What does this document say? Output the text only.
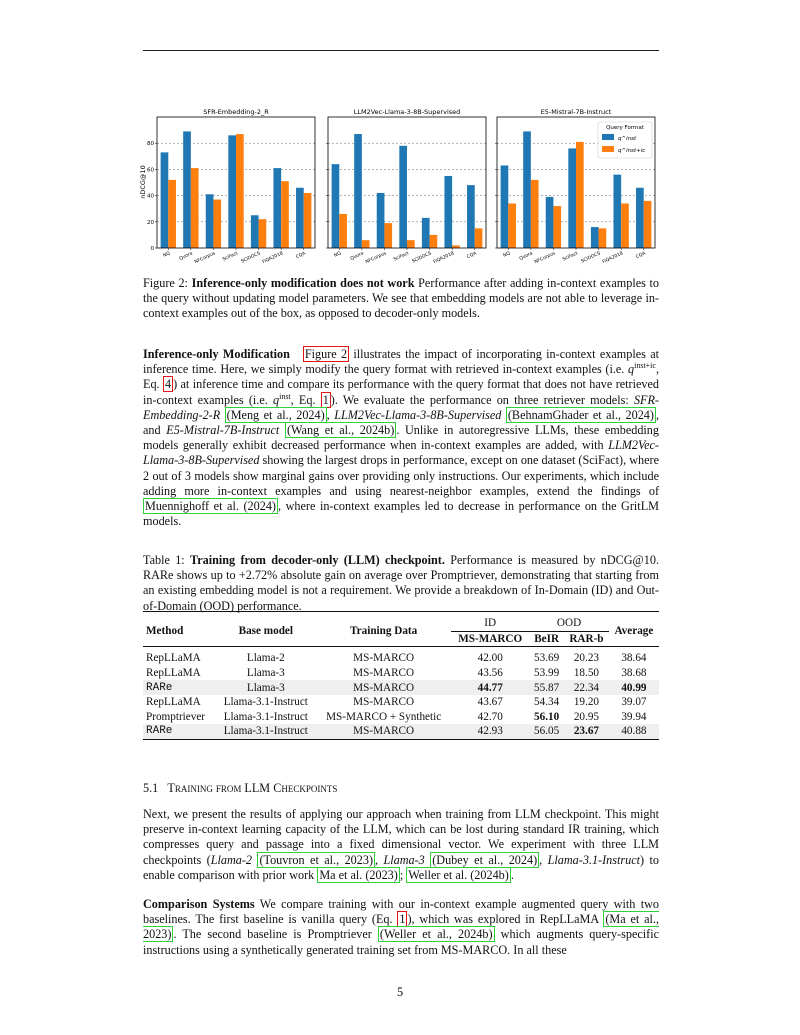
nDCG@10
SFR-Embedding-2_R
NQ Quora NFCorpus SciFact SCIDOCS FiQA2018 CQA
0
20
40
60
80
LLM2Vec-Llama-3-8B-Supervised
NQ Quora NFCorpus SciFact SCIDOCS FiQA2018 CQA
E5-Mistral-7B-Instruct
NQ Quora NFCorpus SciFact SCIDOCS FiQA2018 CQA
Query Format
q^inst
q^inst+ic
Figure 2: Inference-only modification does not work Performance after adding in-context examples to the query without updating model parameters. We see that embedding models are not able to leverage in-context examples out of the box, as opposed to decoder-only models.
Inference-only Modification Figure 2 illustrates the impact of incorporating in-context examples at inference time. Here, we simply modify the query format with retrieved in-context examples (i.e. $q^{inst+ic}$, Eq. 4 ) at inference time and compare its performance with the query format that does not have retrieved in-context examples (i.e. $q^{inst}$, Eq. 1 ). We evaluate the performance on three retriever models: SFR-Embedding-2-R (Meng et al., 2024) , LLM2Vec-Llama-3-8B-Supervised (BehnamGhader et al., 2024) , and E5-Mistral-7B-Instruct (Wang et al., 2024b) . Unlike in autoregressive LLMs, these embedding models generally exhibit decreased performance when in-context examples are added, with LLM2Vec-Llama-3-8B-Supervised showing the largest drops in performance, except on one dataset (SciFact), where 2 out of 3 models show marginal gains over providing only instructions. Our experiments, which include adding more in-context examples and using nearest-neighbor examples, extend the findings of Muennighoff et al. (2024) , where in-context examples led to decrease in performance on the GritLM models.
Table 1: Training from decoder-only (LLM) checkpoint. Performance is measured by nDCG@10. RARe shows up to +2.72% absolute gain on average over Promptriever, demonstrating that starting from an existing embedding model is not a requirement. We provide a breakdown of In-Domain (ID) and Out-of-Domain (OOD) performance.
Method	Base model	Training Data	ID	OOD		Average
			MS-MARCO	BeIR	RAR-b	
RepLLaMA	Llama-2	MS-MARCO	42.00	53.69	20.23	38.64
RepLLaMA	Llama-3	MS-MARCO	43.56	53.99	18.50	38.68
RARe	Llama-3	MS-MARCO	44.77	55.87	22.34	40.99
RepLLaMA	Llama-3.1-Instruct	MS-MARCO	43.67	54.34	19.20	39.07
Promptriever	Llama-3.1-Instruct	MS-MARCO + Synthetic	42.70	56.10	20.95	39.94
RARe	Llama-3.1-Instruct	MS-MARCO	42.93	56.05	23.67	40.88
5.1 Training from LLM Checkpoints
Next, we present the results of applying our approach when training from LLM checkpoint. This might preserve in-context learning capacity of the LLM, which can be lost during standard IR training, which compresses query and passage into a fixed dimensional vector. We experiment with three LLM checkpoints (Llama-2 (Touvron et al., 2023) , Llama-3 (Dubey et al., 2024) , Llama-3.1-Instruct) to enable comparison with prior work Ma et al. (2023) ; Weller et al. (2024b) .
Comparison Systems We compare training with our in-context example augmented query with two baselines. The first baseline is vanilla query (Eq. 1 ), which was explored in RepLLaMA (Ma et al., 2023) . The second baseline is Promptriever (Weller et al., 2024b) which augments query-specific instructions using a synthetically generated training set from MS-MARCO. In all these
5
